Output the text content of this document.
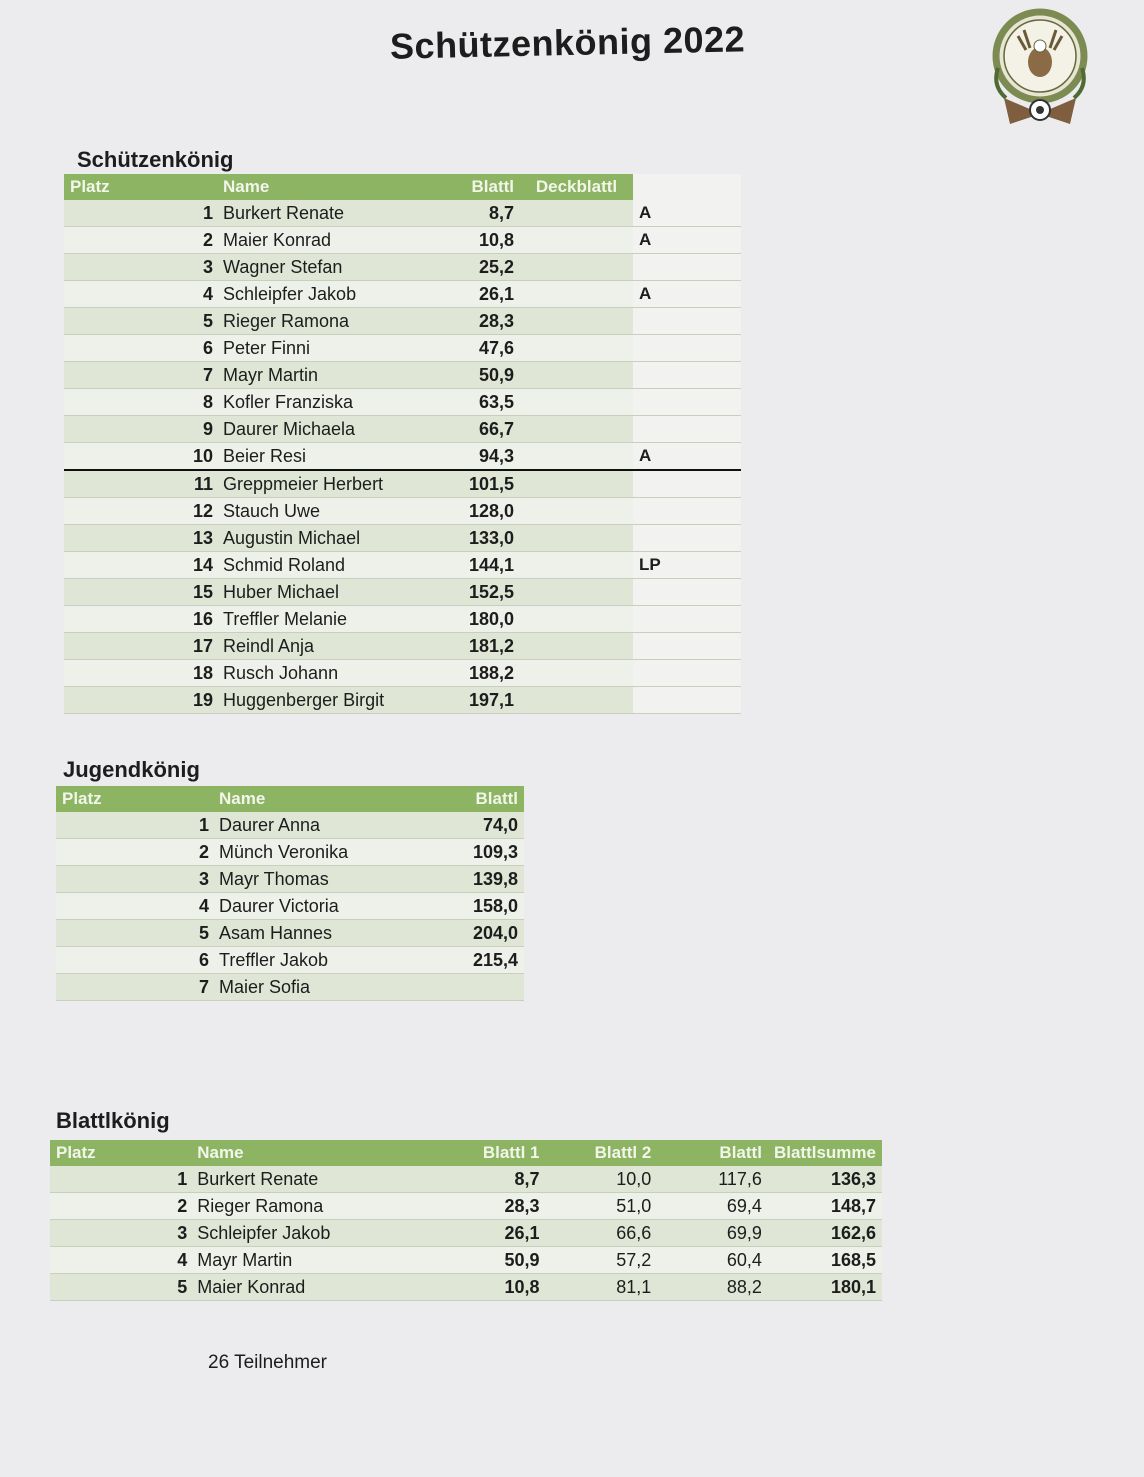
Schützenkönig 2022
Schützenkönig
Platz	Name	Blattl	Deckblattl	
1	Burkert Renate	8,7		A
2	Maier Konrad	10,8		A
3	Wagner Stefan	25,2		
4	Schleipfer Jakob	26,1		A
5	Rieger Ramona	28,3		
6	Peter Finni	47,6		
7	Mayr Martin	50,9		
8	Kofler Franziska	63,5		
9	Daurer Michaela	66,7		
10	Beier Resi	94,3		A
11	Greppmeier Herbert	101,5		
12	Stauch Uwe	128,0		
13	Augustin Michael	133,0		
14	Schmid Roland	144,1		LP
15	Huber Michael	152,5		
16	Treffler Melanie	180,0		
17	Reindl Anja	181,2		
18	Rusch Johann	188,2		
19	Huggenberger Birgit	197,1		
Jugendkönig
Platz	Name	Blattl
1	Daurer Anna	74,0
2	Münch Veronika	109,3
3	Mayr Thomas	139,8
4	Daurer Victoria	158,0
5	Asam Hannes	204,0
6	Treffler Jakob	215,4
7	Maier Sofia	
Blattlkönig
Platz	Name	Blattl 1	Blattl 2	Blattl	Blattlsumme
1	Burkert Renate	8,7	10,0	117,6	136,3
2	Rieger Ramona	28,3	51,0	69,4	148,7
3	Schleipfer Jakob	26,1	66,6	69,9	162,6
4	Mayr Martin	50,9	57,2	60,4	168,5
5	Maier Konrad	10,8	81,1	88,2	180,1
26 Teilnehmer
